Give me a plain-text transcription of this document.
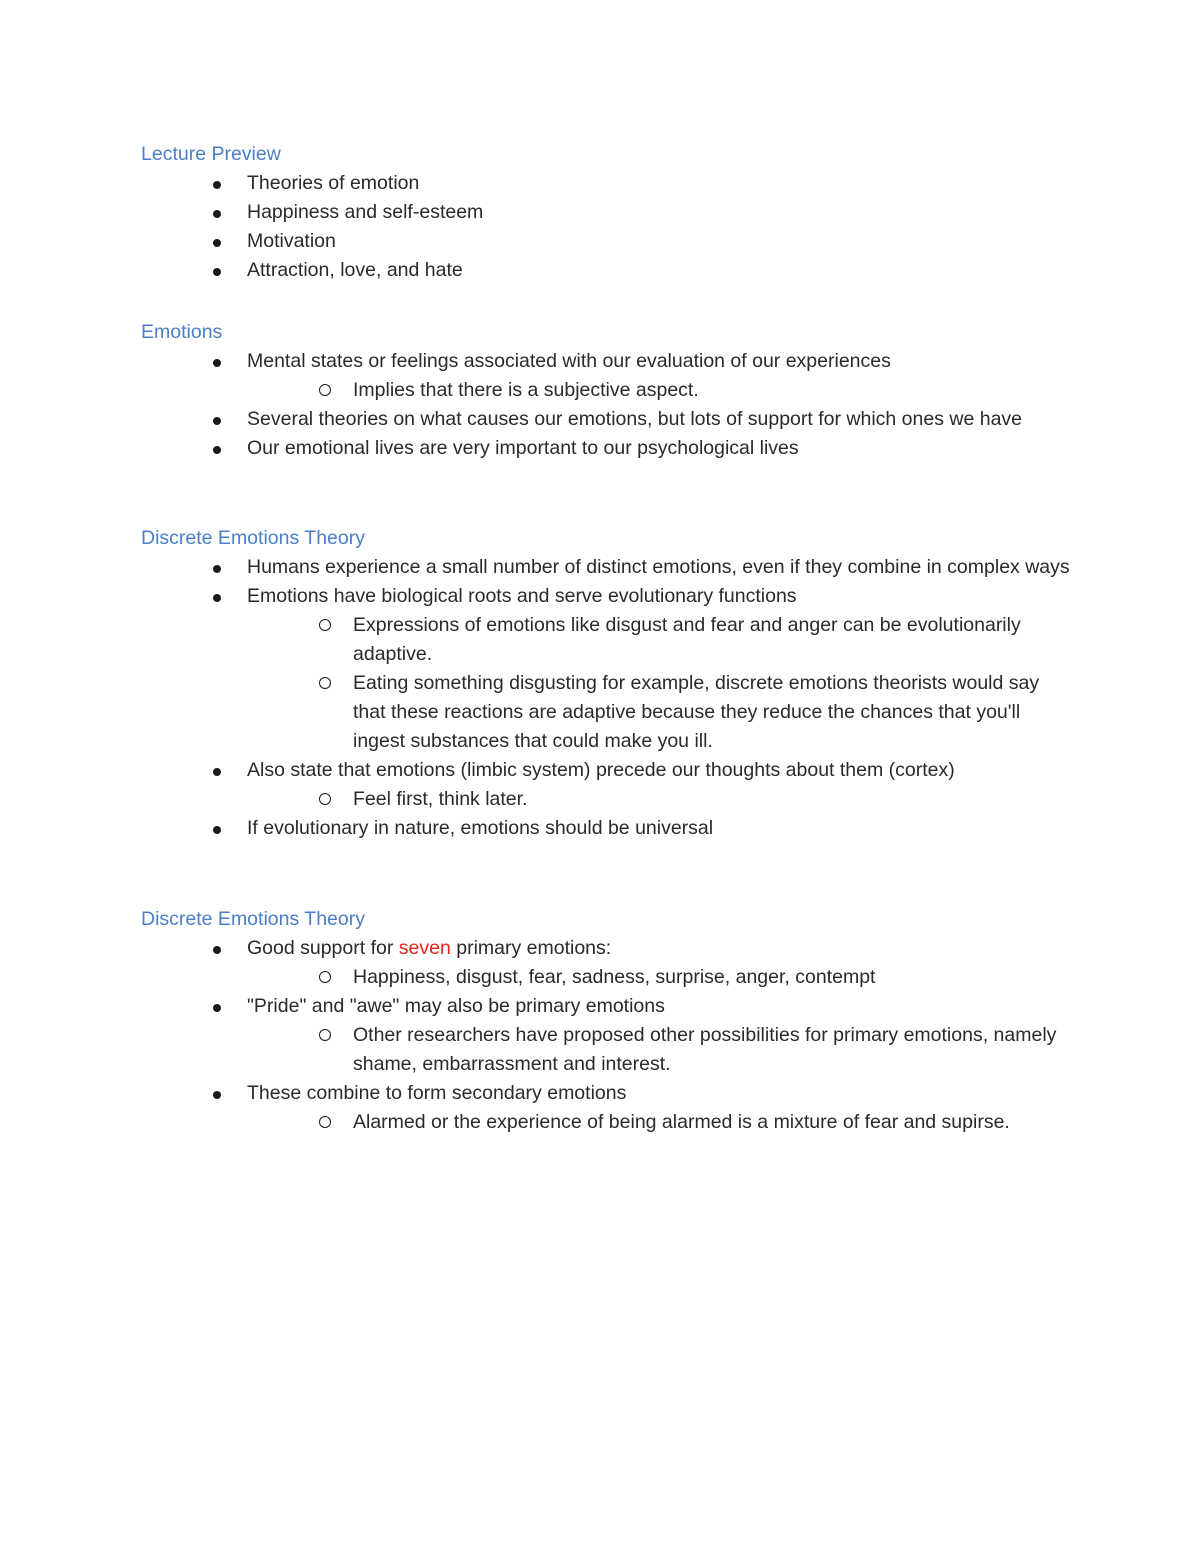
Lecture Preview
Theories of emotion
Happiness and self-esteem
Motivation
Attraction, love, and hate
Emotions
Mental states or feelings associated with our evaluation of our experiences
Implies that there is a subjective aspect.
Several theories on what causes our emotions, but lots of support for which ones we have
Our emotional lives are very important to our psychological lives
Discrete Emotions Theory
Humans experience a small number of distinct emotions, even if they combine in complex ways
Emotions have biological roots and serve evolutionary functions
Expressions of emotions like disgust and fear and anger can be evolutionarily adaptive.
Eating something disgusting for example, discrete emotions theorists would say that these reactions are adaptive because they reduce the chances that you'll ingest substances that could make you ill.
Also state that emotions (limbic system) precede our thoughts about them (cortex)
Feel first, think later.
If evolutionary in nature, emotions should be universal
Discrete Emotions Theory
Good support for seven primary emotions:
Happiness, disgust, fear, sadness, surprise, anger, contempt
"Pride" and "awe" may also be primary emotions
Other researchers have proposed other possibilities for primary emotions, namely shame, embarrassment and interest.
These combine to form secondary emotions
Alarmed or the experience of being alarmed is a mixture of fear and supirse.
